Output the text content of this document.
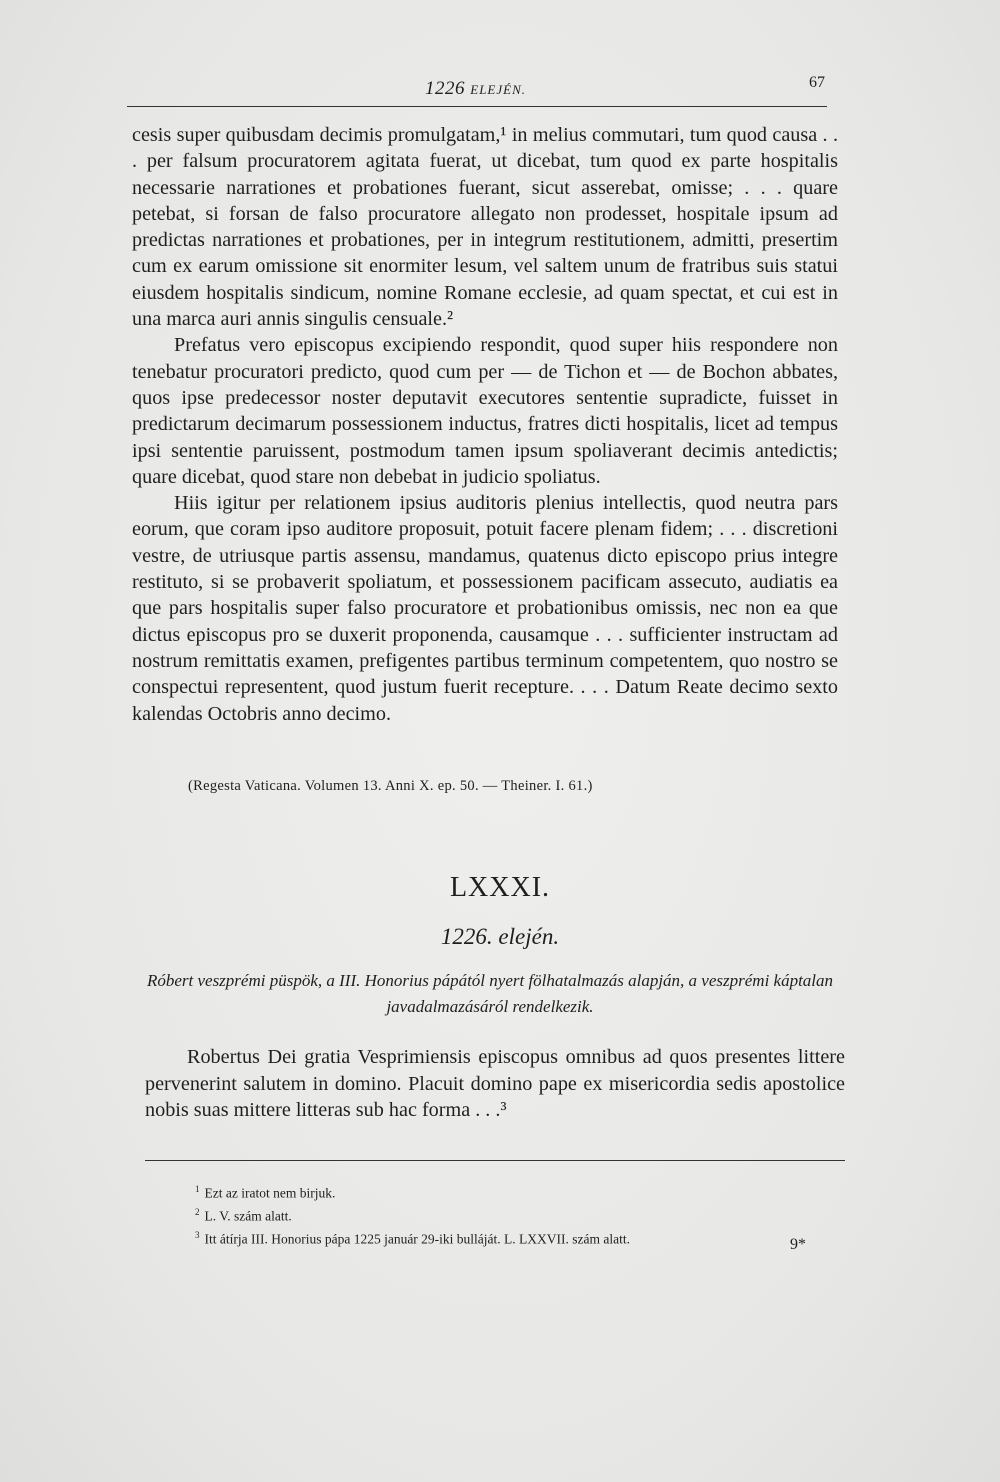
1226 ELEJÉN.	67

cesis super quibusdam decimis promulgatam,¹ in melius commutari, tum quod causa . . . per falsum procuratorem agitata fuerat, ut dicebat, tum quod ex parte hospitalis necessarie narrationes et probationes fuerant, sicut asserebat, omisse; . . . quare petebat, si forsan de falso procuratore allegato non prodesset, hospitale ipsum ad predictas narrationes et probationes, per in integrum restitutionem, admitti, presertim cum ex earum omissione sit enormiter lesum, vel saltem unum de fratribus suis statui eiusdem hospitalis sindicum, nomine Romane ecclesie, ad quam spectat, et cui est in una marca auri annis singulis censuale.²

Prefatus vero episcopus excipiendo respondit, quod super hiis respondere non tenebatur procuratori predicto, quod cum per — de Tichon et — de Bochon abbates, quos ipse predecessor noster deputavit executores sententie supradicte, fuisset in predictarum decimarum possessionem inductus, fratres dicti hospitalis, licet ad tempus ipsi sententie paruissent, postmodum tamen ipsum spoliaverant decimis antedictis; quare dicebat, quod stare non debebat in judicio spoliatus.

Hiis igitur per relationem ipsius auditoris plenius intellectis, quod neutra pars eorum, que coram ipso auditore proposuit, potuit facere plenam fidem; . . . discretioni vestre, de utriusque partis assensu, mandamus, quatenus dicto episcopo prius integre restituto, si se probaverit spoliatum, et possessionem pacificam assecuto, audiatis ea que pars hospitalis super falso procuratore et probationibus omissis, nec non ea que dictus episcopus pro se duxerit proponenda, causamque . . . sufficienter instructam ad nostrum remittatis examen, prefigentes partibus terminum competentem, quo nostro se conspectui representent, quod justum fuerit recepture. . . . Datum Reate decimo sexto kalendas Octobris anno decimo.

(Regesta Vaticana. Volumen 13. Anni X. ep. 50. — Theiner. I. 61.)
LXXXI.
1226. elején.
Róbert veszprémi püspök, a III. Honorius pápától nyert fölhatalmazás alapján, a veszprémi káptalan javadalmazásáról rendelkezik.

Robertus Dei gratia Vesprimiensis episcopus omnibus ad quos presentes littere pervenerint salutem in domino. Placuit domino pape ex misericordia sedis apostolice nobis suas mittere litteras sub hac forma . . .³

$^1$ Ezt az iratot nem birjuk.
$^2$ L. V. szám alatt.
$^3$ Itt átírja III. Honorius pápa 1225 január 29-iki bulláját. L. LXXVII. szám alatt.	9*
